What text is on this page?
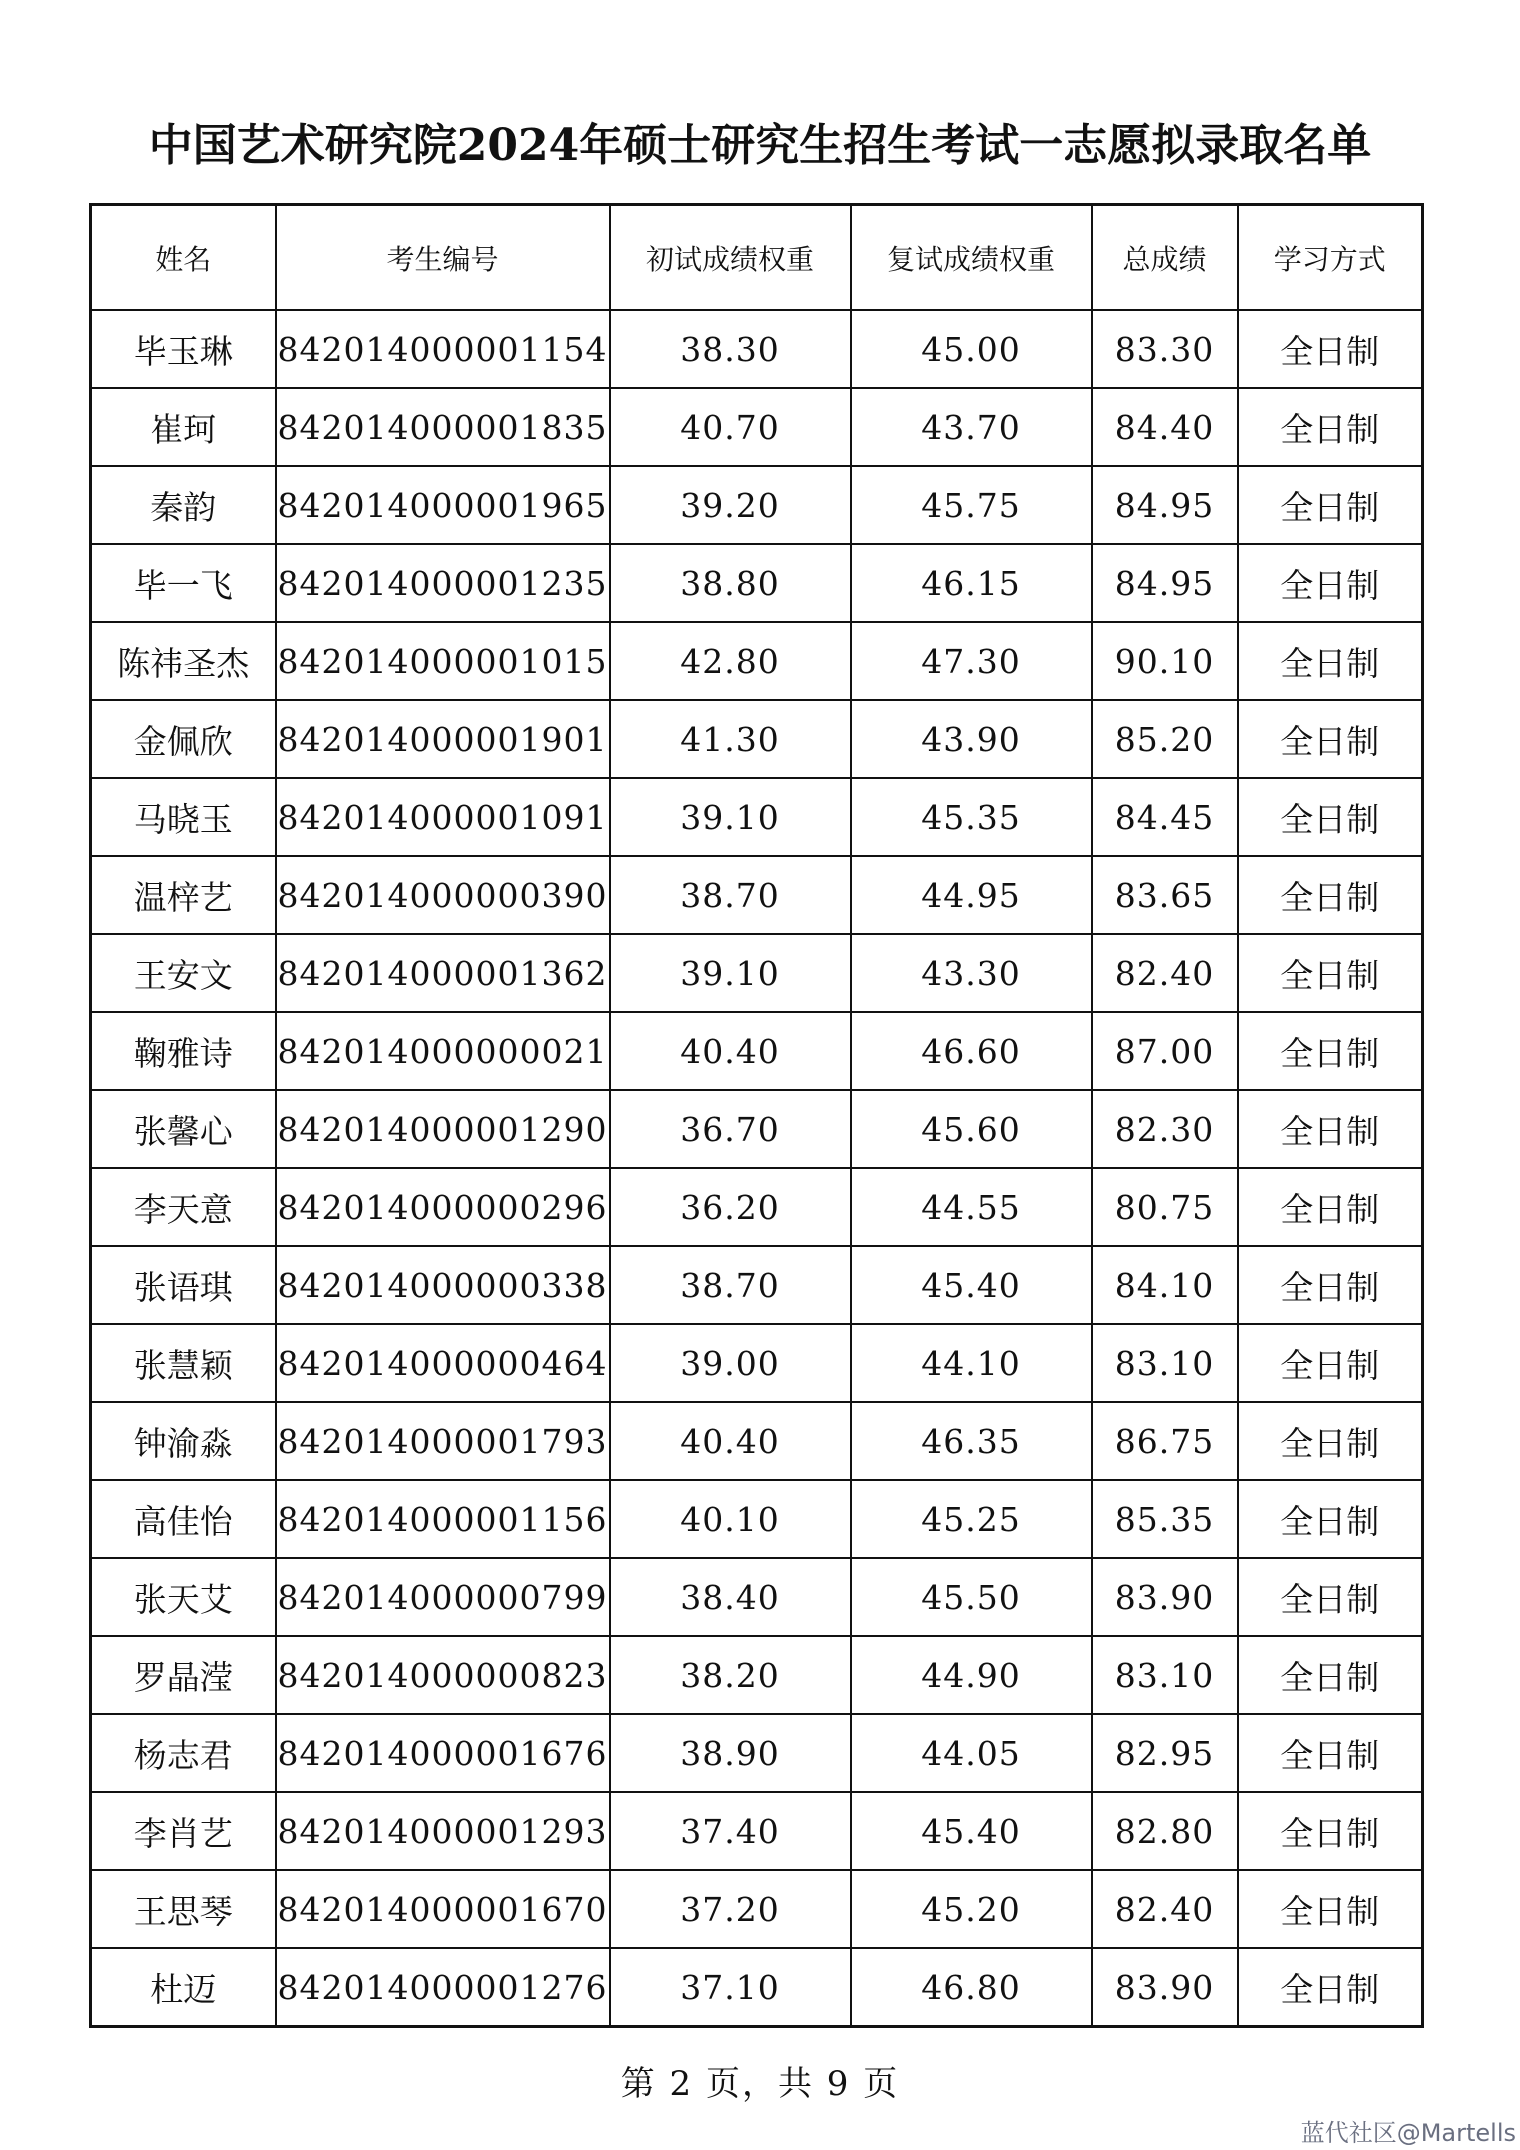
中国艺术研究院2024年硕士研究生招生考试一志愿拟录取名单
姓名	考生编号	初试成绩权重	复试成绩权重	总成绩	学习方式
毕玉琳	842014000001154	38.30	45.00	83.30	全日制
崔珂	842014000001835	40.70	43.70	84.40	全日制
秦韵	842014000001965	39.20	45.75	84.95	全日制
毕一飞	842014000001235	38.80	46.15	84.95	全日制
陈祎圣杰	842014000001015	42.80	47.30	90.10	全日制
金佩欣	842014000001901	41.30	43.90	85.20	全日制
马晓玉	842014000001091	39.10	45.35	84.45	全日制
温梓艺	842014000000390	38.70	44.95	83.65	全日制
王安文	842014000001362	39.10	43.30	82.40	全日制
鞠雅诗	842014000000021	40.40	46.60	87.00	全日制
张馨心	842014000001290	36.70	45.60	82.30	全日制
李天意	842014000000296	36.20	44.55	80.75	全日制
张语琪	842014000000338	38.70	45.40	84.10	全日制
张慧颖	842014000000464	39.00	44.10	83.10	全日制
钟渝淼	842014000001793	40.40	46.35	86.75	全日制
高佳怡	842014000001156	40.10	45.25	85.35	全日制
张天艾	842014000000799	38.40	45.50	83.90	全日制
罗晶滢	842014000000823	38.20	44.90	83.10	全日制
杨志君	842014000001676	38.90	44.05	82.95	全日制
李肖艺	842014000001293	37.40	45.40	82.80	全日制
王思琴	842014000001670	37.20	45.20	82.40	全日制
杜迈	842014000001276	37.10	46.80	83.90	全日制
第 2 页，共 9 页
蓝代社区@Martells
